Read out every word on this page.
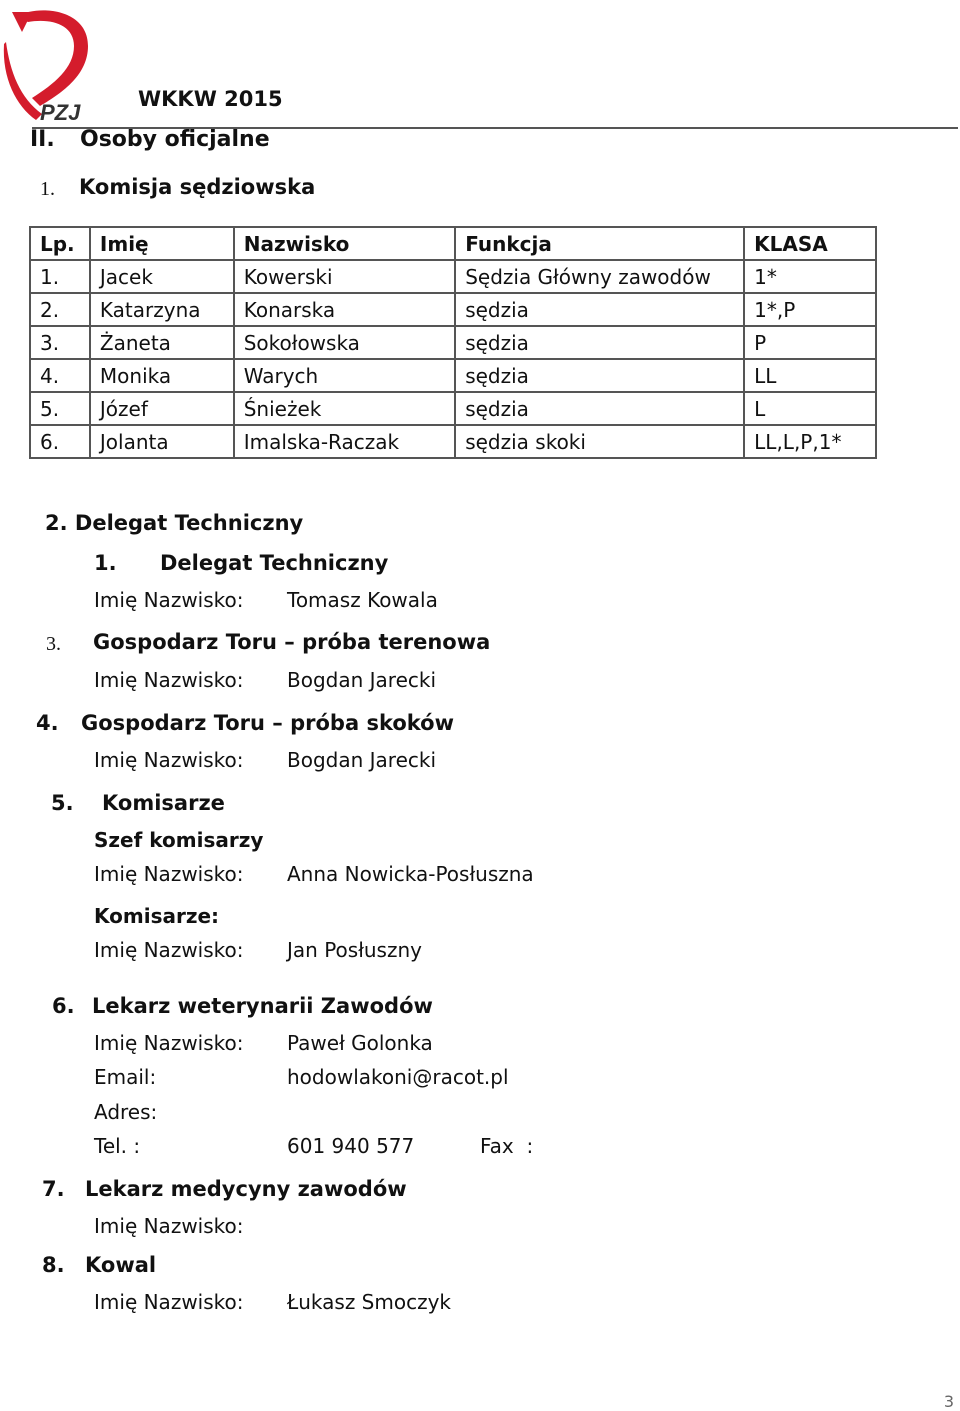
PZJ
WKKW 2015
II. Osoby oficjalne
1. Komisja sędziowska
Lp.	Imię	Nazwisko	Funkcja	KLASA
1.	Jacek	Kowerski	Sędzia Główny zawodów	1*
2.	Katarzyna	Konarska	sędzia	1*,P
3.	Żaneta	Sokołowska	sędzia	P
4.	Monika	Warych	sędzia	LL
5.	Józef	Śnieżek	sędzia	L
6.	Jolanta	Imalska-Raczak	sędzia skoki	LL,L,P,1*
2. Delegat Techniczny
1. Delegat Techniczny
Imię Nazwisko: Tomasz Kowala
3. Gospodarz Toru – próba terenowa
Imię Nazwisko: Bogdan Jarecki
4. Gospodarz Toru – próba skoków
Imię Nazwisko: Bogdan Jarecki
5. Komisarze
Szef komisarzy
Imię Nazwisko: Anna Nowicka-Posłuszna
Komisarze:
Imię Nazwisko: Jan Posłuszny
6. Lekarz weterynarii Zawodów
Imię Nazwisko: Paweł Golonka
Email:	hodowlakoni@racot.pl
Adres:
Tel. :	601 940 577	Fax  :
7. Lekarz medycyny zawodów
Imię Nazwisko:
8. Kowal
Imię Nazwisko: Łukasz Smoczyk
3
